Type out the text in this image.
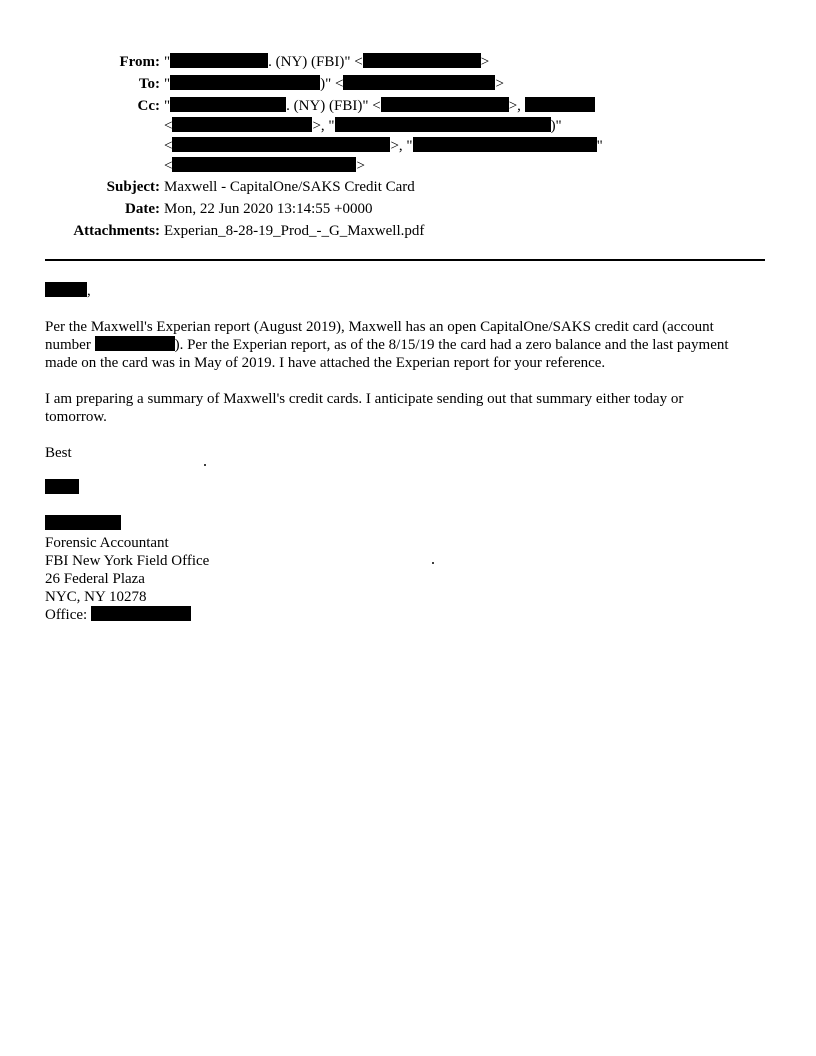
From: "	. (NY) (FBI)" <	>
To: "	)" <	>
Cc: "	. (NY) (FBI)" <	>,
<	>, "	)"
<	>, "	"
<	>
Subject: Maxwell - CapitalOne/SAKS Credit Card
Date: Mon, 22 Jun 2020 13:14:55 +0000
Attachments: Experian_8-28-19_Prod_-_G_Maxwell.pdf
,
Per the Maxwell's Experian report (August 2019), Maxwell has an open CapitalOne/SAKS credit card (account
number	). Per the Experian report, as of the 8/15/19 the card had a zero balance and the last payment
made on the card was in May of 2019. I have attached the Experian report for your reference.
I am preparing a summary of Maxwell's credit cards. I anticipate sending out that summary either today or
tomorrow.
Best
Forensic Accountant
FBI New York Field Office
26 Federal Plaza
NYC, NY 10278
Office:
